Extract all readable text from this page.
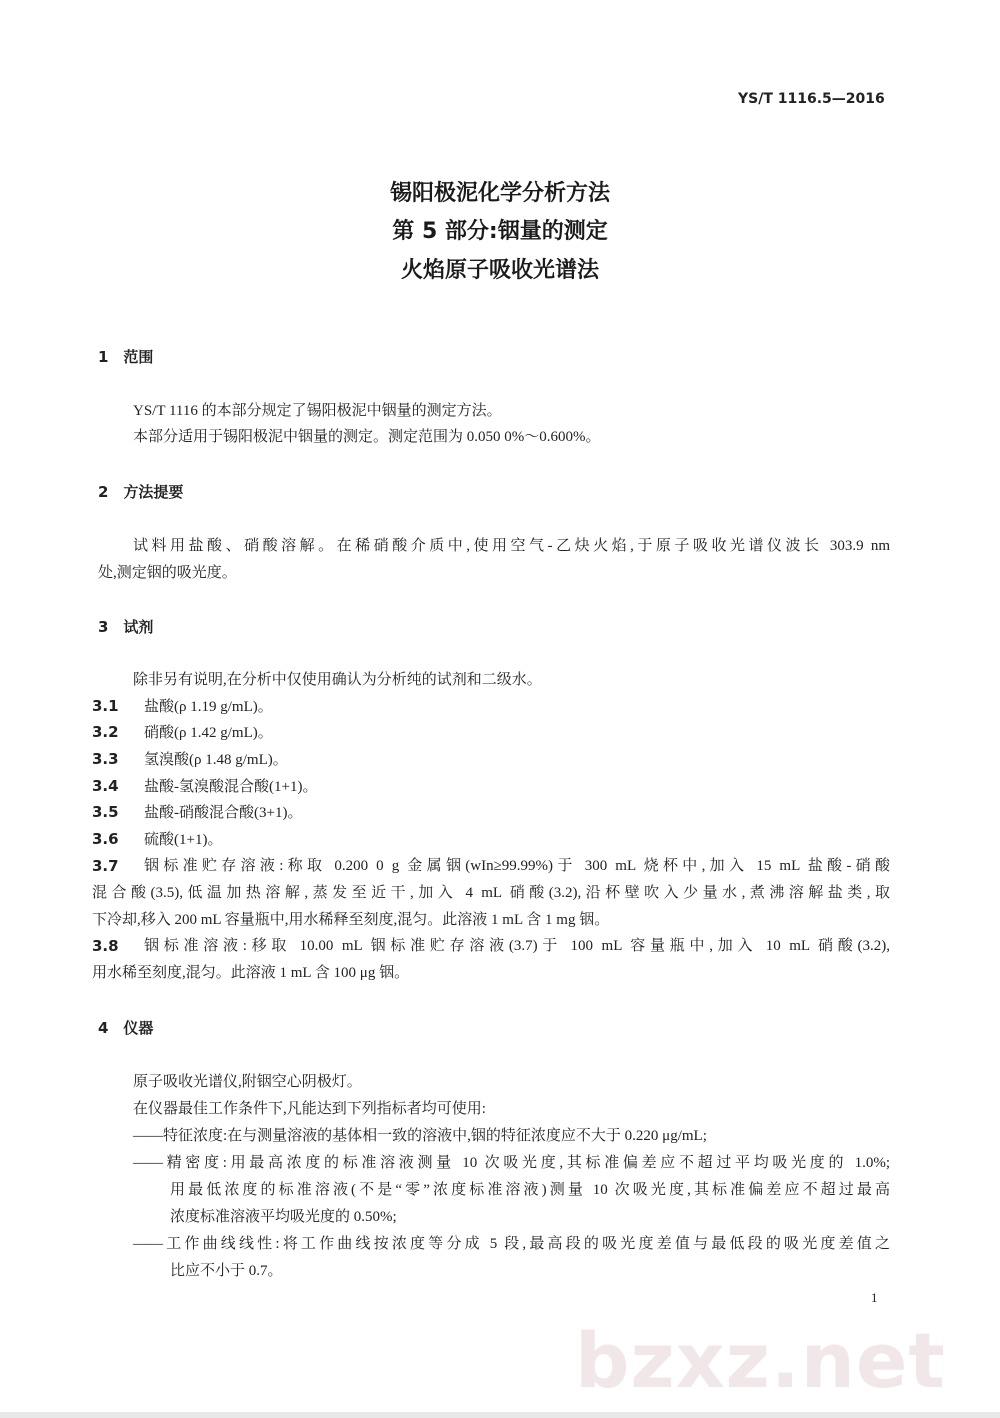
YS/T 1116.5—2016
锡阳极泥化学分析方法
第 5 部分:铟量的测定
火焰原子吸收光谱法
1　范围
YS/T 1116 的本部分规定了锡阳极泥中铟量的测定方法。
本部分适用于锡阳极泥中铟量的测定。测定范围为 0.050 0%～0.600%。
2　方法提要
试料用盐酸、硝酸溶解。在稀硝酸介质中,使用空气-乙炔火焰,于原子吸收光谱仪波长 303.9 nm
处,测定铟的吸光度。
3　试剂
除非另有说明,在分析中仅使用确认为分析纯的试剂和二级水。
3.1 盐酸(ρ 1.19 g/mL)。
3.2 硝酸(ρ 1.42 g/mL)。
3.3 氢溴酸(ρ 1.48 g/mL)。
3.4 盐酸-氢溴酸混合酸(1+1)。
3.5 盐酸-硝酸混合酸(3+1)。
3.6 硫酸(1+1)。
3.7	铟标准贮存溶液:称取 0.200 0 g 金属铟(wIn≥99.99%)于 300 mL 烧杯中,加入 15 mL 盐酸-硝酸
混合酸(3.5),低温加热溶解,蒸发至近干,加入 4 mL 硝酸(3.2),沿杯壁吹入少量水,煮沸溶解盐类,取
下冷却,移入 200 mL 容量瓶中,用水稀释至刻度,混匀。此溶液 1 mL 含 1 mg 铟。
3.8	铟标准溶液:移取 10.00 mL 铟标准贮存溶液(3.7)于 100 mL 容量瓶中,加入 10 mL 硝酸(3.2),
用水稀至刻度,混匀。此溶液 1 mL 含 100 μg 铟。
4　仪器
原子吸收光谱仪,附铟空心阴极灯。
在仪器最佳工作条件下,凡能达到下列指标者均可使用:
——特征浓度:在与测量溶液的基体相一致的溶液中,铟的特征浓度应不大于 0.220 μg/mL;
——精密度:用最高浓度的标准溶液测量 10 次吸光度,其标准偏差应不超过平均吸光度的 1.0%;
用最低浓度的标准溶液(不是“零”浓度标准溶液)测量 10 次吸光度,其标准偏差应不超过最高
浓度标准溶液平均吸光度的 0.50%;
——工作曲线线性:将工作曲线按浓度等分成 5 段,最高段的吸光度差值与最低段的吸光度差值之
比应不小于 0.7。
1
bzxz.net
